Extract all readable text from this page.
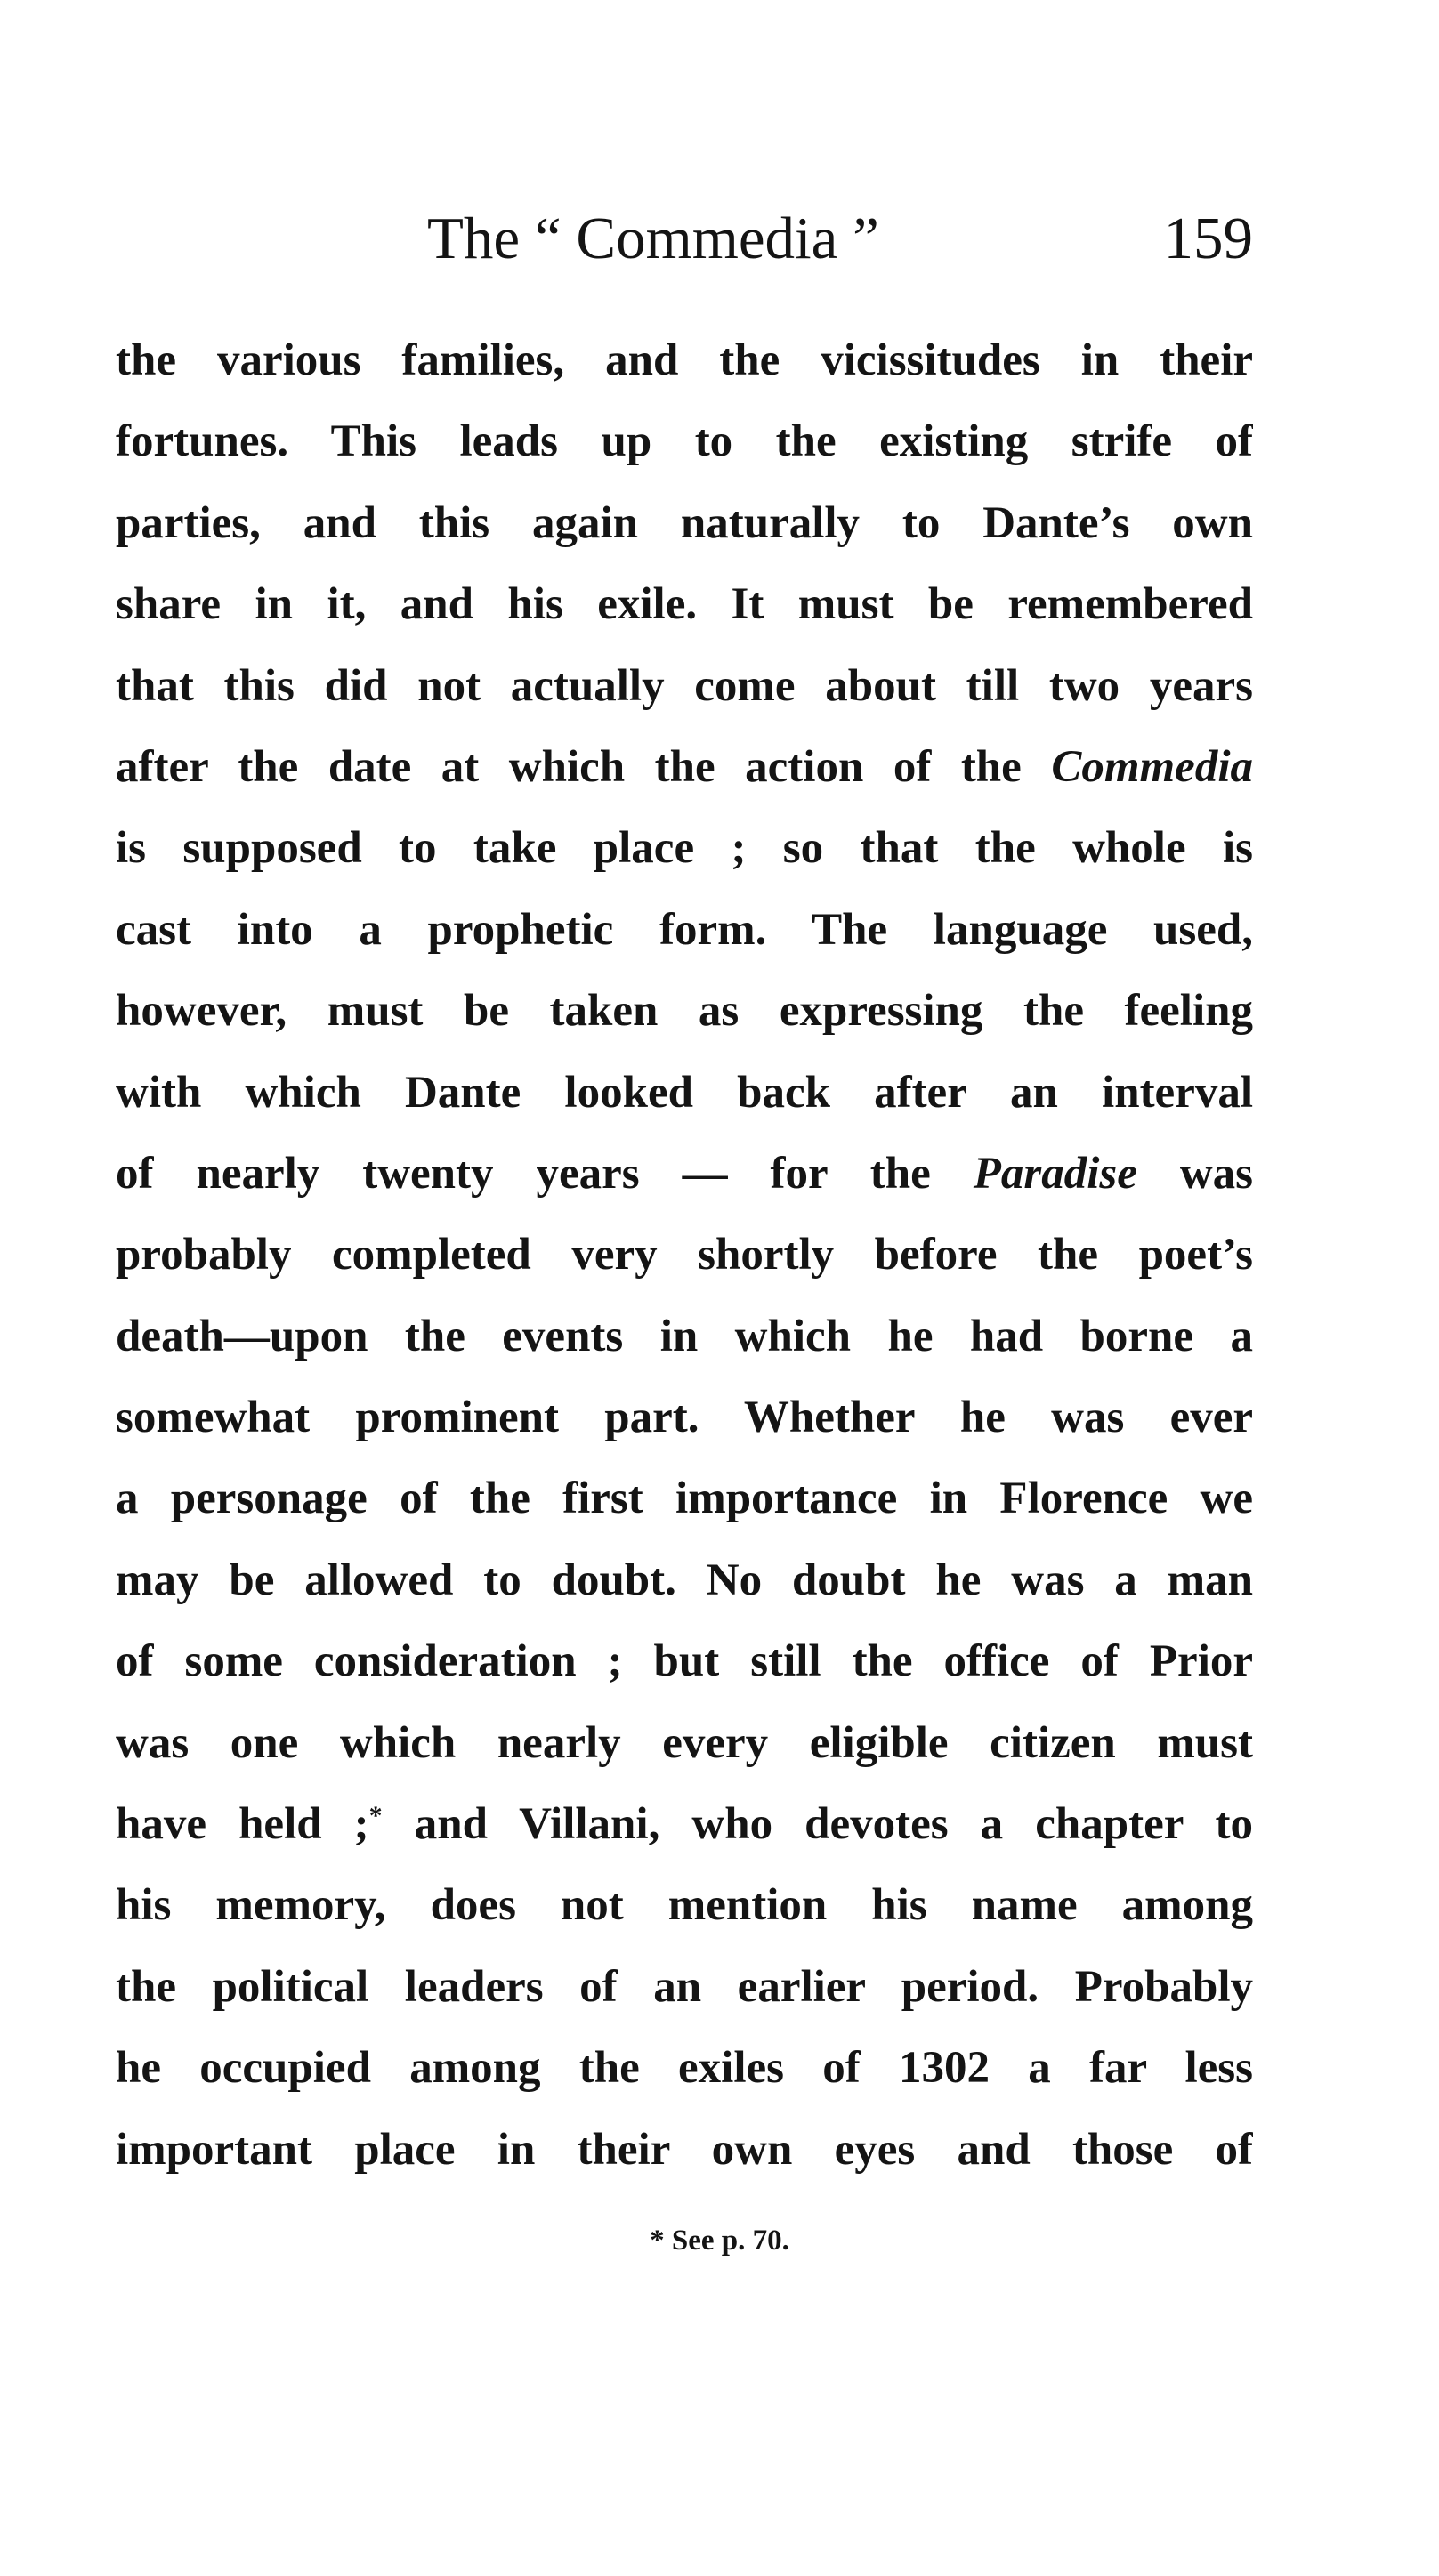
The “ Commedia ”	159
the various families, and the vicissitudes in their
fortunes. This leads up to the existing strife of
parties, and this again naturally to Dante’s own
share in it, and his exile. It must be remembered
that this did not actually come about till two years
after the date at which the action of the Commedia
is supposed to take place ; so that the whole is
cast into a prophetic form. The language used,
however, must be taken as expressing the feeling
with which Dante looked back after an interval
of nearly twenty years — for the Paradise was
probably completed very shortly before the poet’s
death—upon the events in which he had borne a
somewhat prominent part. Whether he was ever
a personage of the first importance in Florence we
may be allowed to doubt. No doubt he was a man
of some consideration ; but still the office of Prior
was one which nearly every eligible citizen must
have held ;* and Villani, who devotes a chapter to
his memory, does not mention his name among
the political leaders of an earlier period. Probably
he occupied among the exiles of 1302 a far less
important place in their own eyes and those of
* See p. 70.
